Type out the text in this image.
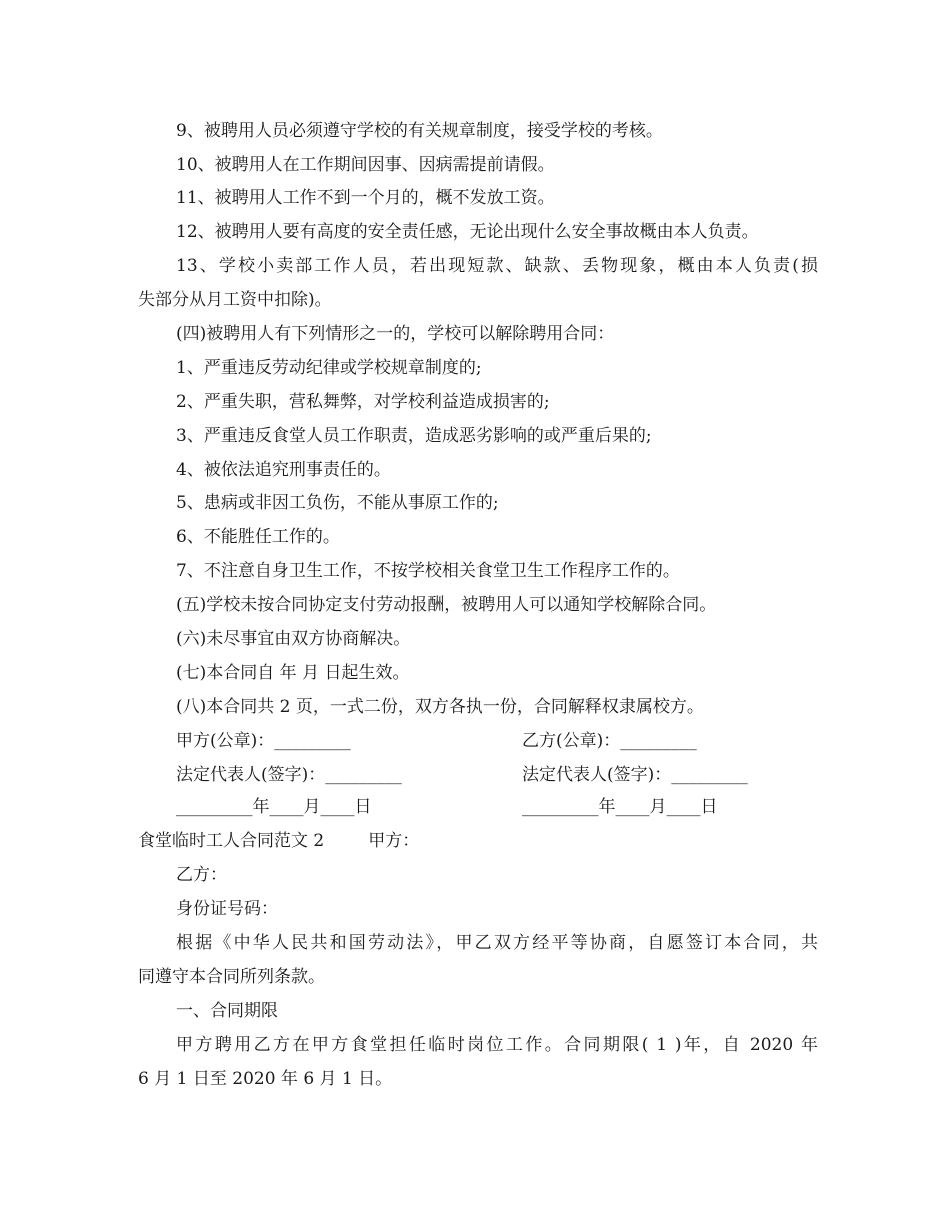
9、被聘用人员必须遵守学校的有关规章制度，接受学校的考核。
10、被聘用人在工作期间因事、因病需提前请假。
11、被聘用人工作不到一个月的，概不发放工资。
12、被聘用人要有高度的安全责任感，无论出现什么安全事故概由本人负责。
13、学校小卖部工作人员，若出现短款、缺款、丢物现象，概由本人负责(损
失部分从月工资中扣除)。
(四)被聘用人有下列情形之一的，学校可以解除聘用合同：
1、严重违反劳动纪律或学校规章制度的;
2、严重失职，营私舞弊，对学校利益造成损害的;
3、严重违反食堂人员工作职责，造成恶劣影响的或严重后果的;
4、被依法追究刑事责任的。
5、患病或非因工负伤，不能从事原工作的;
6、不能胜任工作的。
7、不注意自身卫生工作，不按学校相关食堂卫生工作程序工作的。
(五)学校未按合同协定支付劳动报酬，被聘用人可以通知学校解除合同。
(六)未尽事宜由双方协商解决。
(七)本合同自 年 月 日起生效。
(八)本合同共 2 页，一式二份，双方各执一份，合同解释权隶属校方。
甲方(公章)：_________	乙方(公章)：_________
法定代表人(签字)：_________	法定代表人(签字)：_________
_________年____月____日	_________年____月____日
食堂临时工人合同范文 2	甲方：
乙方：
身份证号码：
根据《中华人民共和国劳动法》，甲乙双方经平等协商，自愿签订本合同，共
同遵守本合同所列条款。
一、合同期限
甲方聘用乙方在甲方食堂担任临时岗位工作。合同期限( 1 )年，自 2020 年
6 月 1 日至 2020 年 6 月 1 日。
